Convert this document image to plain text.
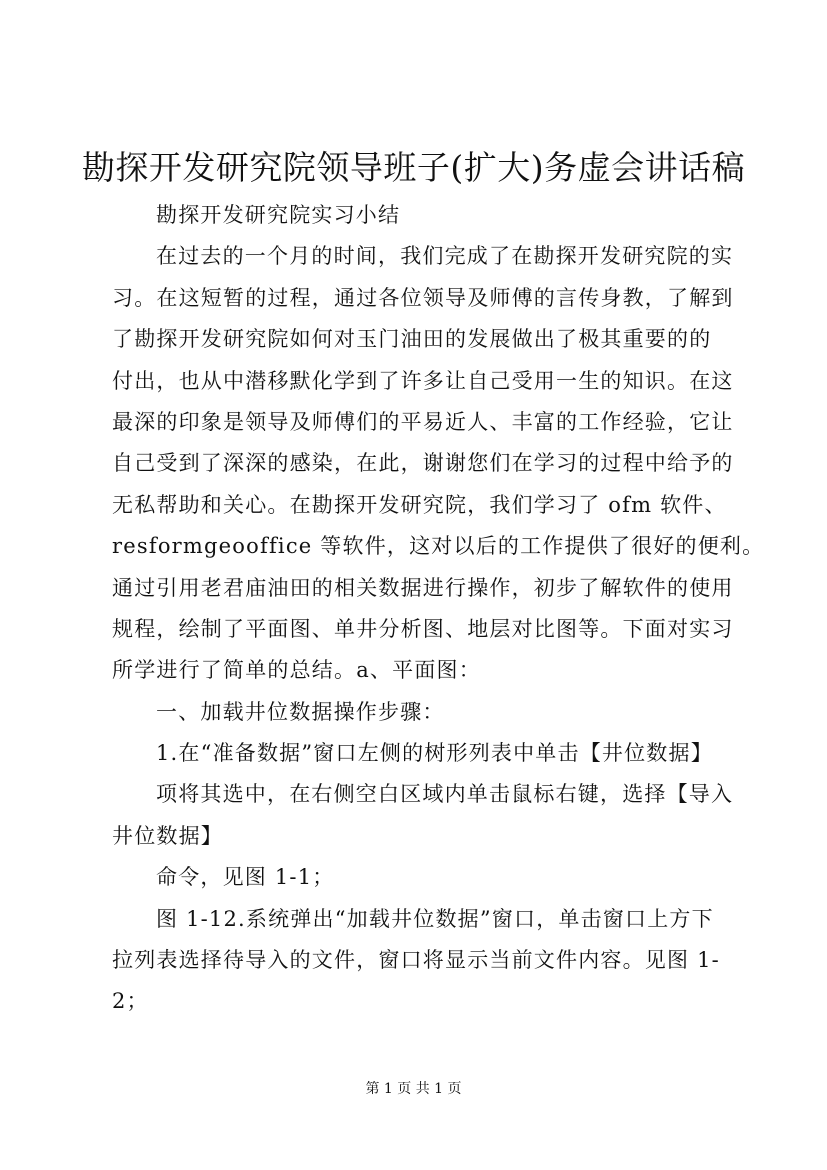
勘探开发研究院领导班子(扩大)务虚会讲话稿
勘探开发研究院实习小结
在过去的一个月的时间，我们完成了在勘探开发研究院的实
习。在这短暂的过程，通过各位领导及师傅的言传身教，了解到
了勘探开发研究院如何对玉门油田的发展做出了极其重要的的
付出，也从中潜移默化学到了许多让自己受用一生的知识。在这
最深的印象是领导及师傅们的平易近人、丰富的工作经验，它让
自己受到了深深的感染，在此，谢谢您们在学习的过程中给予的
无私帮助和关心。在勘探开发研究院，我们学习了 ofm 软件、
resformgeooffice 等软件，这对以后的工作提供了很好的便利。
通过引用老君庙油田的相关数据进行操作，初步了解软件的使用
规程，绘制了平面图、单井分析图、地层对比图等。下面对实习
所学进行了简单的总结。a、平面图：
一、加载井位数据操作步骤：
1.在“准备数据”窗口左侧的树形列表中单击【井位数据】
项将其选中，在右侧空白区域内单击鼠标右键，选择【导入
井位数据】
命令，见图 1-1；
图 1-12.系统弹出“加载井位数据”窗口，单击窗口上方下
拉列表选择待导入的文件，窗口将显示当前文件内容。见图 1-
2；
第 1 页 共 1 页
